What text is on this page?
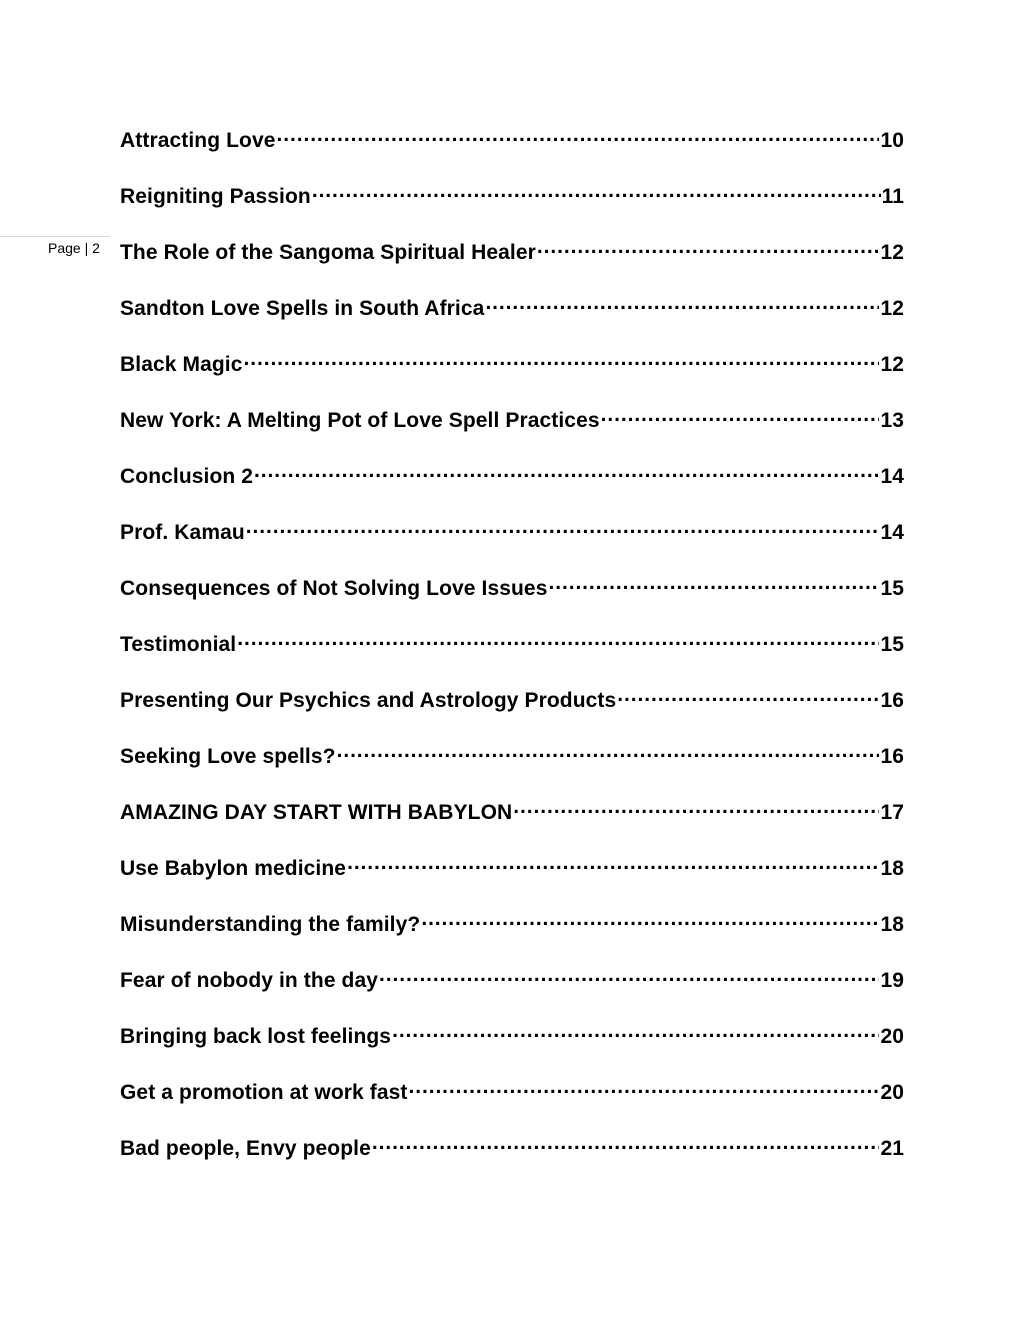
Page | 2
Attracting Love .....	10
Reigniting Passion .....	11
The Role of the Sangoma Spiritual Healer .....	12
Sandton Love Spells in South Africa .....	12
Black Magic .....	12
New York: A Melting Pot of Love Spell Practices .....	13
Conclusion 2 .....	14
Prof. Kamau .....	14
Consequences of Not Solving Love Issues .....	15
Testimonial .....	15
Presenting Our Psychics and Astrology Products .....	16
Seeking Love spells? .....	16
AMAZING DAY START WITH BABYLON .....	17
Use Babylon medicine .....	18
Misunderstanding the family? .....	18
Fear of nobody in the day .....	19
Bringing back lost feelings .....	20
Get a promotion at work fast .....	20
Bad people, Envy people .....	21
